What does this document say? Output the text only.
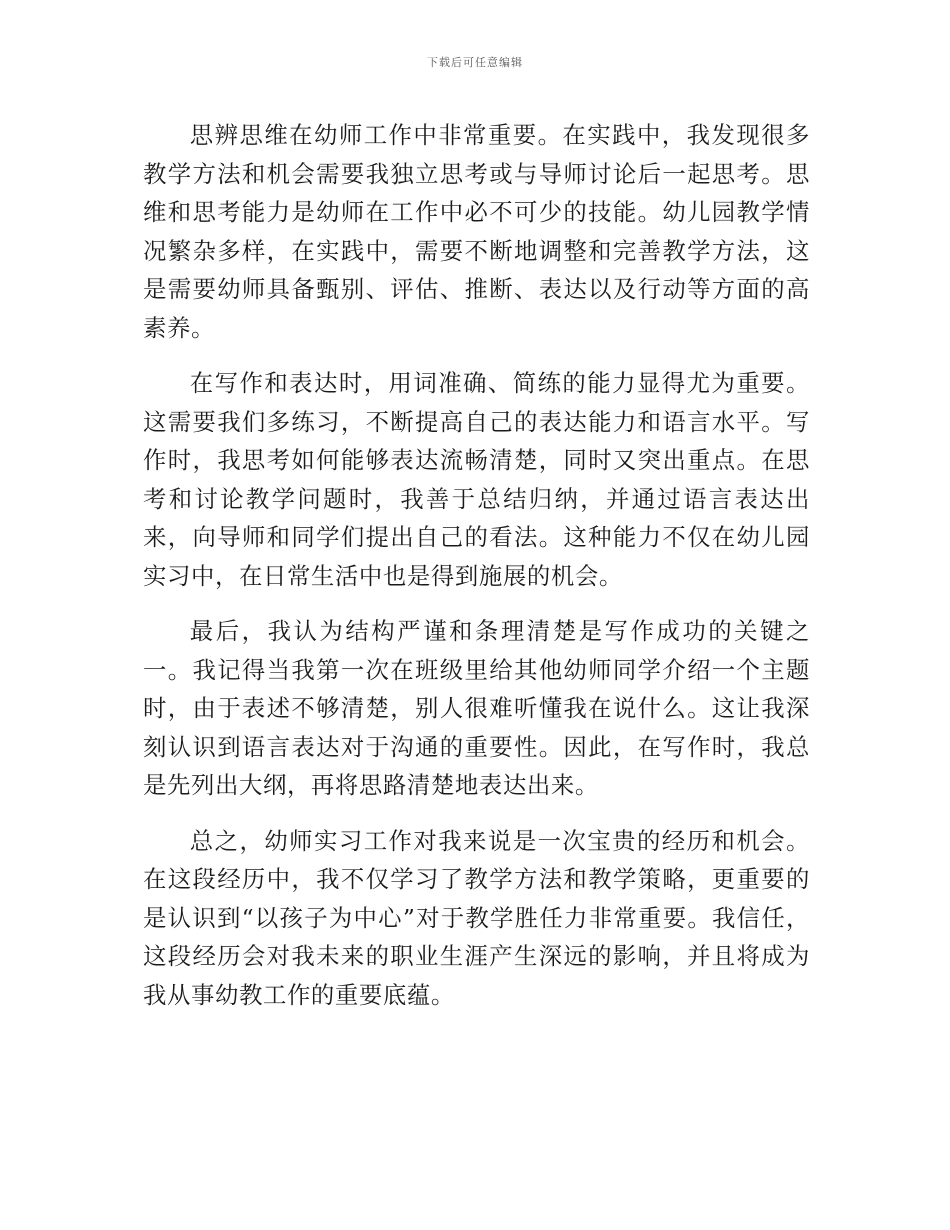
下载后可任意编辑

思辨思维在幼师工作中非常重要。在实践中，我发现很多教学方法和机会需要我独立思考或与导师讨论后一起思考。思维和思考能力是幼师在工作中必不可少的技能。幼儿园教学情况繁杂多样，在实践中，需要不断地调整和完善教学方法，这是需要幼师具备甄别、评估、推断、表达以及行动等方面的高素养。

在写作和表达时，用词准确、简练的能力显得尤为重要。这需要我们多练习，不断提高自己的表达能力和语言水平。写作时，我思考如何能够表达流畅清楚，同时又突出重点。在思考和讨论教学问题时，我善于总结归纳，并通过语言表达出来，向导师和同学们提出自己的看法。这种能力不仅在幼儿园实习中，在日常生活中也是得到施展的机会。

最后，我认为结构严谨和条理清楚是写作成功的关键之一。我记得当我第一次在班级里给其他幼师同学介绍一个主题时，由于表述不够清楚，别人很难听懂我在说什么。这让我深刻认识到语言表达对于沟通的重要性。因此，在写作时，我总是先列出大纲，再将思路清楚地表达出来。

总之，幼师实习工作对我来说是一次宝贵的经历和机会。在这段经历中，我不仅学习了教学方法和教学策略，更重要的是认识到“以孩子为中心”对于教学胜任力非常重要。我信任，这段经历会对我未来的职业生涯产生深远的影响，并且将成为我从事幼教工作的重要底蕴。
